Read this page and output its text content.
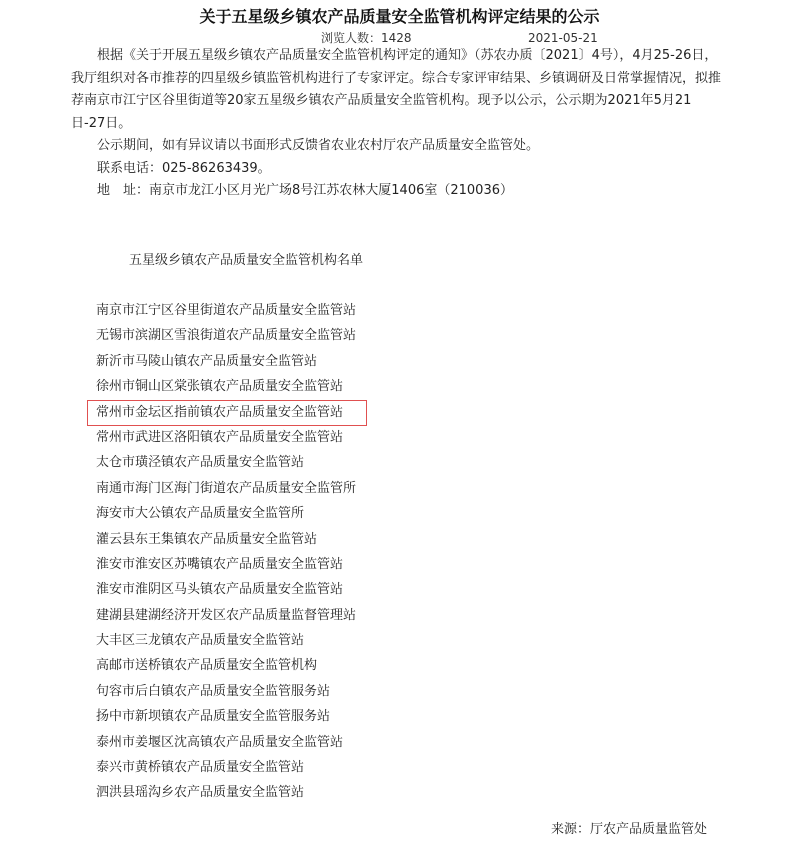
关于五星级乡镇农产品质量安全监管机构评定结果的公示
浏览人数：1428	2021-05-21

根据《关于开展五星级乡镇农产品质量安全监管机构评定的通知》（苏农办质〔2021〕4号），4月25-26日，我厅组织对各市推荐的四星级乡镇监管机构进行了专家评定。综合专家评审结果、乡镇调研及日常掌握情况，拟推荐南京市江宁区谷里街道等20家五星级乡镇农产品质量安全监管机构。现予以公示，公示期为2021年5月21日-27日。

公示期间，如有异议请以书面形式反馈省农业农村厅农产品质量安全监管处。

联系电话：025-86263439。

地　址：南京市龙江小区月光广场8号江苏农林大厦1406室（210036）

五星级乡镇农产品质量安全监管机构名单

南京市江宁区谷里街道农产品质量安全监管站
无锡市滨湖区雪浪街道农产品质量安全监管站
新沂市马陵山镇农产品质量安全监管站
徐州市铜山区棠张镇农产品质量安全监管站
常州市金坛区指前镇农产品质量安全监管站
常州市武进区洛阳镇农产品质量安全监管站
太仓市璜泾镇农产品质量安全监管站
南通市海门区海门街道农产品质量安全监管所
海安市大公镇农产品质量安全监管所
灌云县东王集镇农产品质量安全监管站
淮安市淮安区苏嘴镇农产品质量安全监管站
淮安市淮阴区马头镇农产品质量安全监管站
建湖县建湖经济开发区农产品质量监督管理站
大丰区三龙镇农产品质量安全监管站
高邮市送桥镇农产品质量安全监管机构
句容市后白镇农产品质量安全监管服务站
扬中市新坝镇农产品质量安全监管服务站
泰州市姜堰区沈高镇农产品质量安全监管站
泰兴市黄桥镇农产品质量安全监管站
泗洪县瑶沟乡农产品质量安全监管站
来源：厅农产品质量监管处
